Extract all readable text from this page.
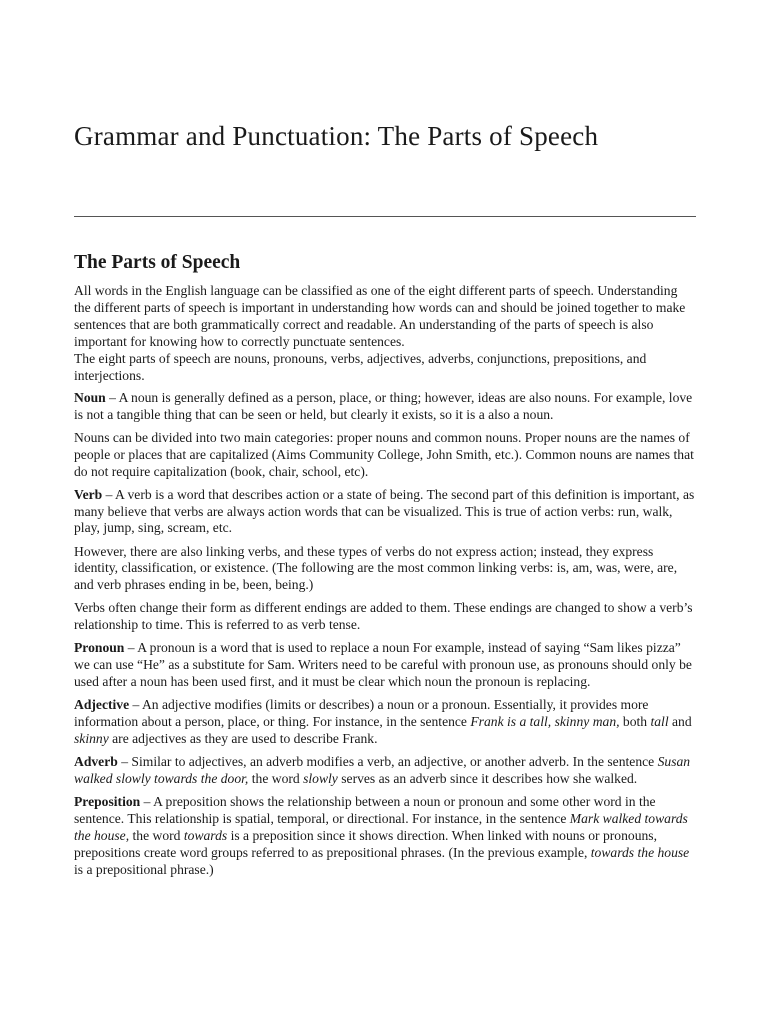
Grammar and Punctuation: The Parts of Speech
The Parts of Speech

All words in the English language can be classified as one of the eight different parts of speech. Understanding the different parts of speech is important in understanding how words can and should be joined together to make sentences that are both grammatically correct and readable. An understanding of the parts of speech is also important for knowing how to correctly punctuate sentences.
The eight parts of speech are nouns, pronouns, verbs, adjectives, adverbs, conjunctions, prepositions, and interjections.

Noun – A noun is generally defined as a person, place, or thing; however, ideas are also nouns. For example, love is not a tangible thing that can be seen or held, but clearly it exists, so it is a also a noun.

Nouns can be divided into two main categories: proper nouns and common nouns. Proper nouns are the names of people or places that are capitalized (Aims Community College, John Smith, etc.). Common nouns are names that do not require capitalization (book, chair, school, etc).

Verb – A verb is a word that describes action or a state of being. The second part of this definition is important, as many believe that verbs are always action words that can be visualized. This is true of action verbs: run, walk, play, jump, sing, scream, etc.

However, there are also linking verbs, and these types of verbs do not express action; instead, they express identity, classification, or existence. (The following are the most common linking verbs: is, am, was, were, are, and verb phrases ending in be, been, being.)

Verbs often change their form as different endings are added to them. These endings are changed to show a verb’s relationship to time. This is referred to as verb tense.

Pronoun – A pronoun is a word that is used to replace a noun For example, instead of saying “Sam likes pizza” we can use “He” as a substitute for Sam. Writers need to be careful with pronoun use, as pronouns should only be used after a noun has been used first, and it must be clear which noun the pronoun is replacing.

Adjective – An adjective modifies (limits or describes) a noun or a pronoun. Essentially, it provides more information about a person, place, or thing. For instance, in the sentence Frank is a tall, skinny man, both tall and skinny are adjectives as they are used to describe Frank.

Adverb – Similar to adjectives, an adverb modifies a verb, an adjective, or another adverb. In the sentence Susan walked slowly towards the door, the word slowly serves as an adverb since it describes how she walked.

Preposition – A preposition shows the relationship between a noun or pronoun and some other word in the sentence. This relationship is spatial, temporal, or directional. For instance, in the sentence Mark walked towards the house, the word towards is a preposition since it shows direction. When linked with nouns or pronouns, prepositions create word groups referred to as prepositional phrases. (In the previous example, towards the house is a prepositional phrase.)
